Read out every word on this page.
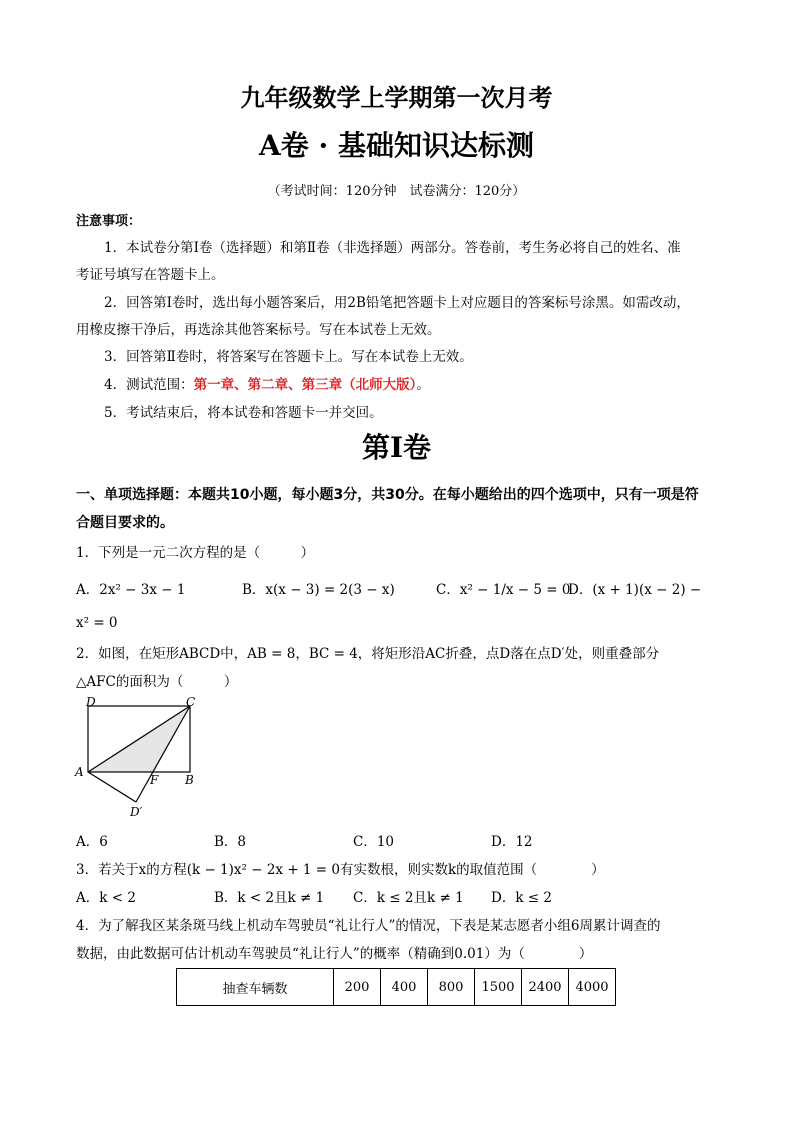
九年级数学上学期第一次月考
A卷 · 基础知识达标测
（考试时间：120分钟　试卷满分：120分）
注意事项：
1．本试卷分第Ⅰ卷（选择题）和第Ⅱ卷（非选择题）两部分。答卷前，考生务必将自己的姓名、准
考证号填写在答题卡上。
2．回答第Ⅰ卷时，选出每小题答案后，用2B铅笔把答题卡上对应题目的答案标号涂黑。如需改动，
用橡皮擦干净后，再选涂其他答案标号。写在本试卷上无效。
3．回答第Ⅱ卷时，将答案写在答题卡上。写在本试卷上无效。
4．测试范围：第一章、第二章、第三章（北师大版）。
5．考试结束后，将本试卷和答题卡一并交回。
第Ⅰ卷
一、单项选择题：本题共10小题，每小题3分，共30分。在每小题给出的四个选项中，只有一项是符
合题目要求的。
1．下列是一元二次方程的是（　　　）
A．2x² − 3x − 1	B．x(x − 3) = 2(3 − x)	C．x² − 1/x − 5 = 0
D．(x + 1)(x − 2) −
x² = 0
2．如图，在矩形ABCD中，AB = 8，BC = 4，将矩形沿AC折叠，点D落在点D′处，则重叠部分
△AFC的面积为（　　　）
D	C
A
B
F
D′
A．6	B．8	C．10	D．12
3．若关于x的方程(k − 1)x² − 2x + 1 = 0有实数根，则实数k的取值范围（　　　　）
A．k < 2	B．k < 2且k ≠ 1 C．k ≤ 2且k ≠ 1 D．k ≤ 2
4．为了解我区某条斑马线上机动车驾驶员“礼让行人”的情况，下表是某志愿者小组6周累计调查的
数据，由此数据可估计机动车驾驶员“礼让行人”的概率（精确到0.01）为（　　　　）
抽查车辆数	200	400	800	1500	2400	4000
